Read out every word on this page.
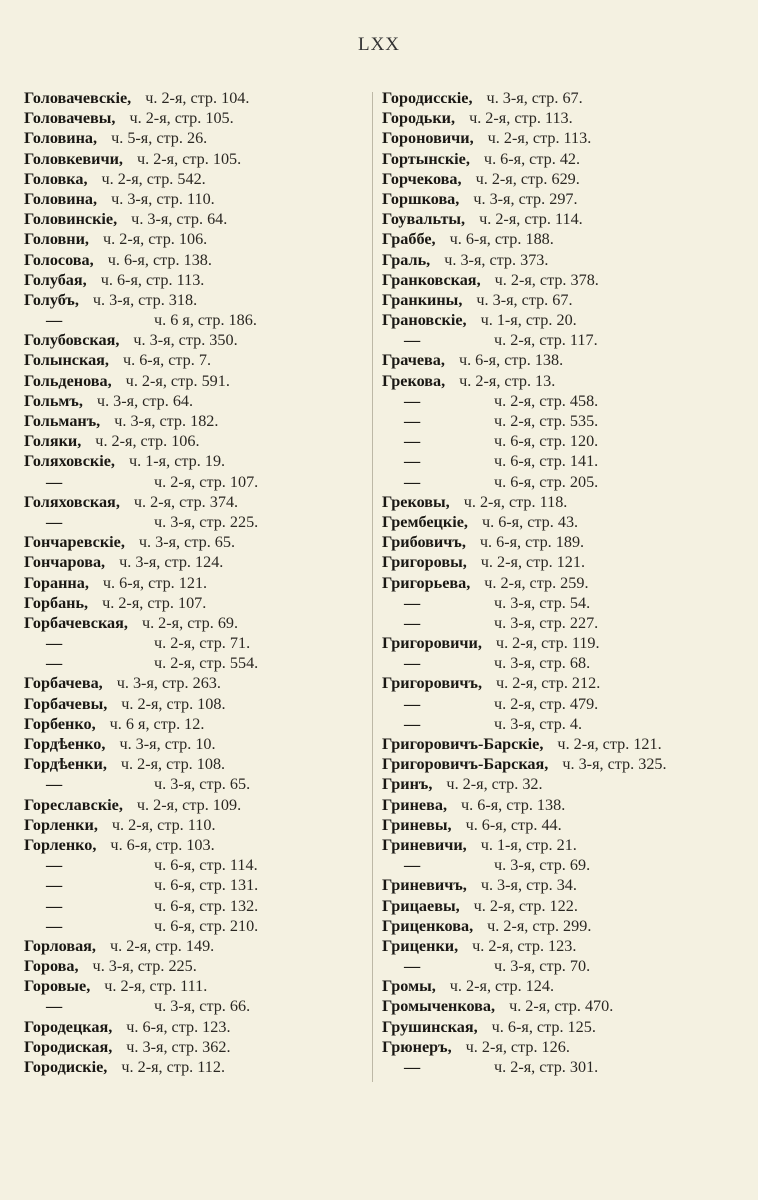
LXX
Головачевскіе, ч. 2-я, стр. 104.
Головачевы, ч. 2-я, стр. 105.
Головина, ч. 5-я, стр. 26.
Головкевичи, ч. 2-я, стр. 105.
Головка, ч. 2-я, стр. 542.
Головина, ч. 3-я, стр. 110.
Головинскіе, ч. 3-я, стр. 64.
Головни, ч. 2-я, стр. 106.
Голосова, ч. 6-я, стр. 138.
Голубая, ч. 6-я, стр. 113.
Голубъ, ч. 3-я, стр. 318.
—	ч. 6 я, стр. 186.
Голубовская, ч. 3-я, стр. 350.
Голынская, ч. 6-я, стр. 7.
Гольденова, ч. 2-я, стр. 591.
Гольмъ, ч. 3-я, стр. 64.
Гольманъ, ч. 3-я, стр. 182.
Голяки, ч. 2-я, стр. 106.
Голяховскіе, ч. 1-я, стр. 19.
—	ч. 2-я, стр. 107.
Голяховская, ч. 2-я, стр. 374.
—	ч. 3-я, стр. 225.
Гончаревскіе, ч. 3-я, стр. 65.
Гончарова, ч. 3-я, стр. 124.
Горанна, ч. 6-я, стр. 121.
Горбань, ч. 2-я, стр. 107.
Горбачевская, ч. 2-я, стр. 69.
—	ч. 2-я, стр. 71.
—	ч. 2-я, стр. 554.
Горбачева, ч. 3-я, стр. 263.
Горбачевы, ч. 2-я, стр. 108.
Горбенко, ч. 6 я, стр. 12.
Гордѣенко, ч. 3-я, стр. 10.
Гордѣенки, ч. 2-я, стр. 108.
—	ч. 3-я, стр. 65.
Гореславскіе, ч. 2-я, стр. 109.
Горленки, ч. 2-я, стр. 110.
Горленко, ч. 6-я, стр. 103.
—	ч. 6-я, стр. 114.
—	ч. 6-я, стр. 131.
—	ч. 6-я, стр. 132.
—	ч. 6-я, стр. 210.
Горловая, ч. 2-я, стр. 149.
Горова, ч. 3-я, стр. 225.
Горовые, ч. 2-я, стр. 111.
—	ч. 3-я, стр. 66.
Городецкая, ч. 6-я, стр. 123.
Городиская, ч. 3-я, стр. 362.
Городискіе, ч. 2-я, стр. 112.
Городисскіе, ч. 3-я, стр. 67.
Городьки, ч. 2-я, стр. 113.
Гороновичи, ч. 2-я, стр. 113.
Гортынскіе, ч. 6-я, стр. 42.
Горчекова, ч. 2-я, стр. 629.
Горшкова, ч. 3-я, стр. 297.
Гоувальты, ч. 2-я, стр. 114.
Граббе, ч. 6-я, стр. 188.
Граль, ч. 3-я, стр. 373.
Гранковская, ч. 2-я, стр. 378.
Гранкины, ч. 3-я, стр. 67.
Грановскіе, ч. 1-я, стр. 20.
—	ч. 2-я, стр. 117.
Грачева, ч. 6-я, стр. 138.
Грекова, ч. 2-я, стр. 13.
—	ч. 2-я, стр. 458.
—	ч. 2-я, стр. 535.
—	ч. 6-я, стр. 120.
—	ч. 6-я, стр. 141.
—	ч. 6-я, стр. 205.
Грековы, ч. 2-я, стр. 118.
Грембецкіе, ч. 6-я, стр. 43.
Грибовичъ, ч. 6-я, стр. 189.
Григоровы, ч. 2-я, стр. 121.
Григорьева, ч. 2-я, стр. 259.
—	ч. 3-я, стр. 54.
—	ч. 3-я, стр. 227.
Григоровичи, ч. 2-я, стр. 119.
—	ч. 3-я, стр. 68.
Григоровичъ, ч. 2-я, стр. 212.
—	ч. 2-я, стр. 479.
—	ч. 3-я, стр. 4.
Григоровичъ-Барскіе, ч. 2-я, стр. 121.
Григоровичъ-Барская, ч. 3-я, стр. 325.
Гринъ, ч. 2-я, стр. 32.
Гринева, ч. 6-я, стр. 138.
Гриневы, ч. 6-я, стр. 44.
Гриневичи, ч. 1-я, стр. 21.
—	ч. 3-я, стр. 69.
Гриневичъ, ч. 3-я, стр. 34.
Грицаевы, ч. 2-я, стр. 122.
Гриценкова, ч. 2-я, стр. 299.
Гриценки, ч. 2-я, стр. 123.
—	ч. 3-я, стр. 70.
Громы, ч. 2-я, стр. 124.
Громыченкова, ч. 2-я, стр. 470.
Грушинская, ч. 6-я, стр. 125.
Грюнеръ, ч. 2-я, стр. 126.
—	ч. 2-я, стр. 301.
